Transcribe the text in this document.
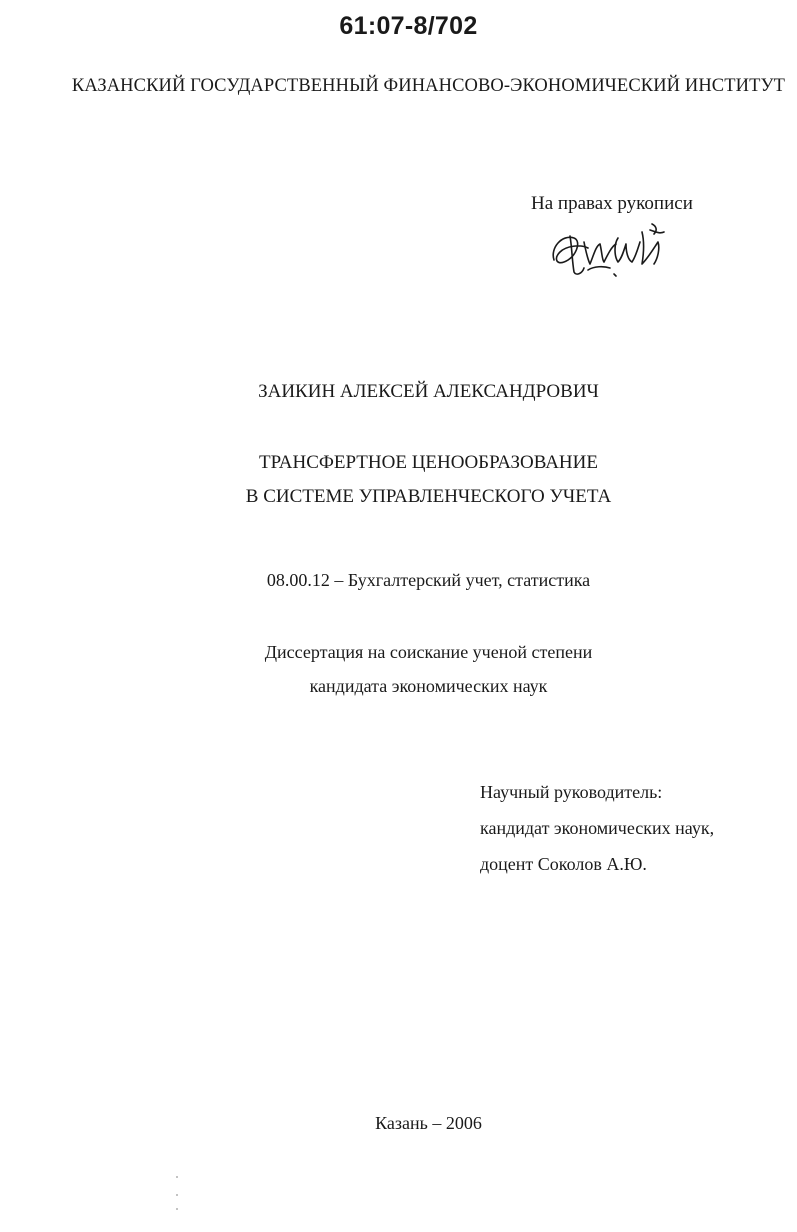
61:07-8/702
КАЗАНСКИЙ ГОСУДАРСТВЕННЫЙ ФИНАНСОВО-ЭКОНОМИЧЕСКИЙ ИНСТИТУТ
На правах рукописи
ЗАИКИН АЛЕКСЕЙ АЛЕКСАНДРОВИЧ
ТРАНСФЕРТНОЕ ЦЕНООБРАЗОВАНИЕ
В СИСТЕМЕ УПРАВЛЕНЧЕСКОГО УЧЕТА
08.00.12 – Бухгалтерский учет, статистика
Диссертация на соискание ученой степени
кандидата экономических наук
Научный руководитель:
кандидат экономических наук,
доцент Соколов А.Ю.
Казань – 2006
